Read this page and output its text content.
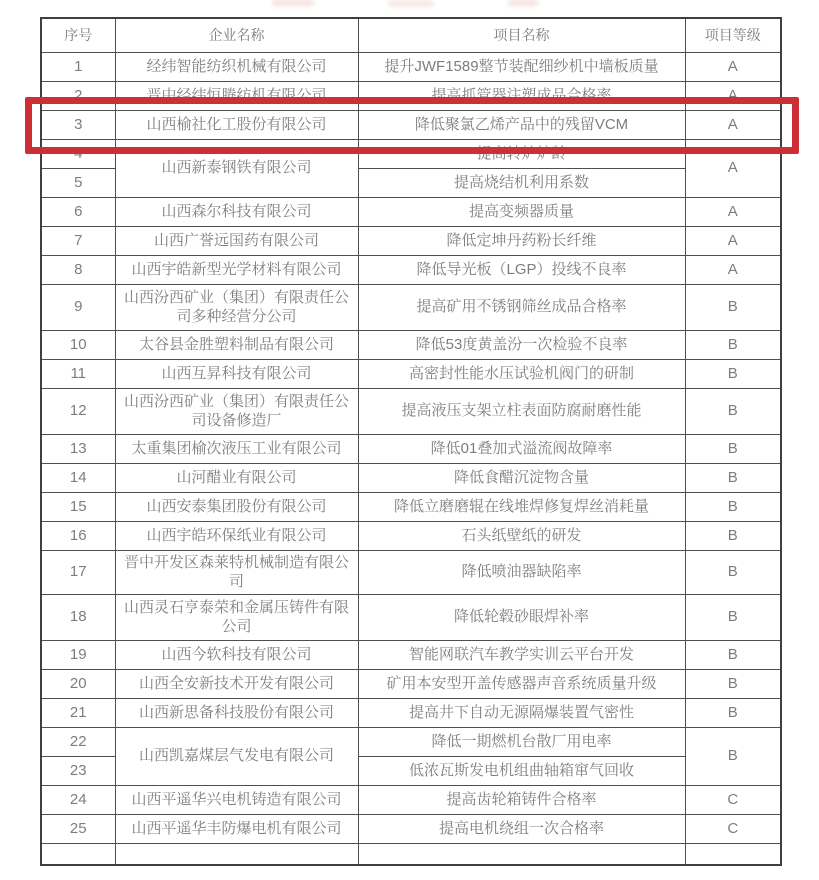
序号	企业名称	项目名称	项目等级
1	经纬智能纺织机械有限公司	提升JWF1589整节装配细纱机中墙板质量	A
2	晋中经纬恒腾纺机有限公司	提高抓管器注塑成品合格率	A
3	山西榆社化工股份有限公司	降低聚氯乙烯产品中的残留VCM	A
4	山西新泰钢铁有限公司	提高转炉炉龄	A
5		提高烧结机利用系数	
6	山西森尔科技有限公司	提高变频器质量	A
7	山西广誉远国药有限公司	降低定坤丹药粉长纤维	A
8	山西宇皓新型光学材料有限公司	降低导光板（LGP）投线不良率	A
9	山西汾西矿业（集团）有限责任公司多种经营分公司	提高矿用不锈钢筛丝成品合格率	B
10	太谷县金胜塑料制品有限公司	降低53度黄盖汾一次检验不良率	B
11	山西互昇科技有限公司	高密封性能水压试验机阀门的研制	B
12	山西汾西矿业（集团）有限责任公司设备修造厂	提高液压支架立柱表面防腐耐磨性能	B
13	太重集团榆次液压工业有限公司	降低01叠加式溢流阀故障率	B
14	山河醋业有限公司	降低食醋沉淀物含量	B
15	山西安泰集团股份有限公司	降低立磨磨辊在线堆焊修复焊丝消耗量	B
16	山西宇皓环保纸业有限公司	石头纸壁纸的研发	B
17	晋中开发区森莱特机械制造有限公司	降低喷油器缺陷率	B
18	山西灵石亨泰荣和金属压铸件有限公司	降低轮毂砂眼焊补率	B
19	山西今软科技有限公司	智能网联汽车教学实训云平台开发	B
20	山西全安新技术开发有限公司	矿用本安型开盖传感器声音系统质量升级	B
21	山西新思备科技股份有限公司	提高井下自动无源隔爆装置气密性	B
22	山西凯嘉煤层气发电有限公司	降低一期燃机台散厂用电率	B
23		低浓瓦斯发电机组曲轴箱窜气回收	
24	山西平遥华兴电机铸造有限公司	提高齿轮箱铸件合格率	C
25	山西平遥华丰防爆电机有限公司	提高电机绕组一次合格率	C
